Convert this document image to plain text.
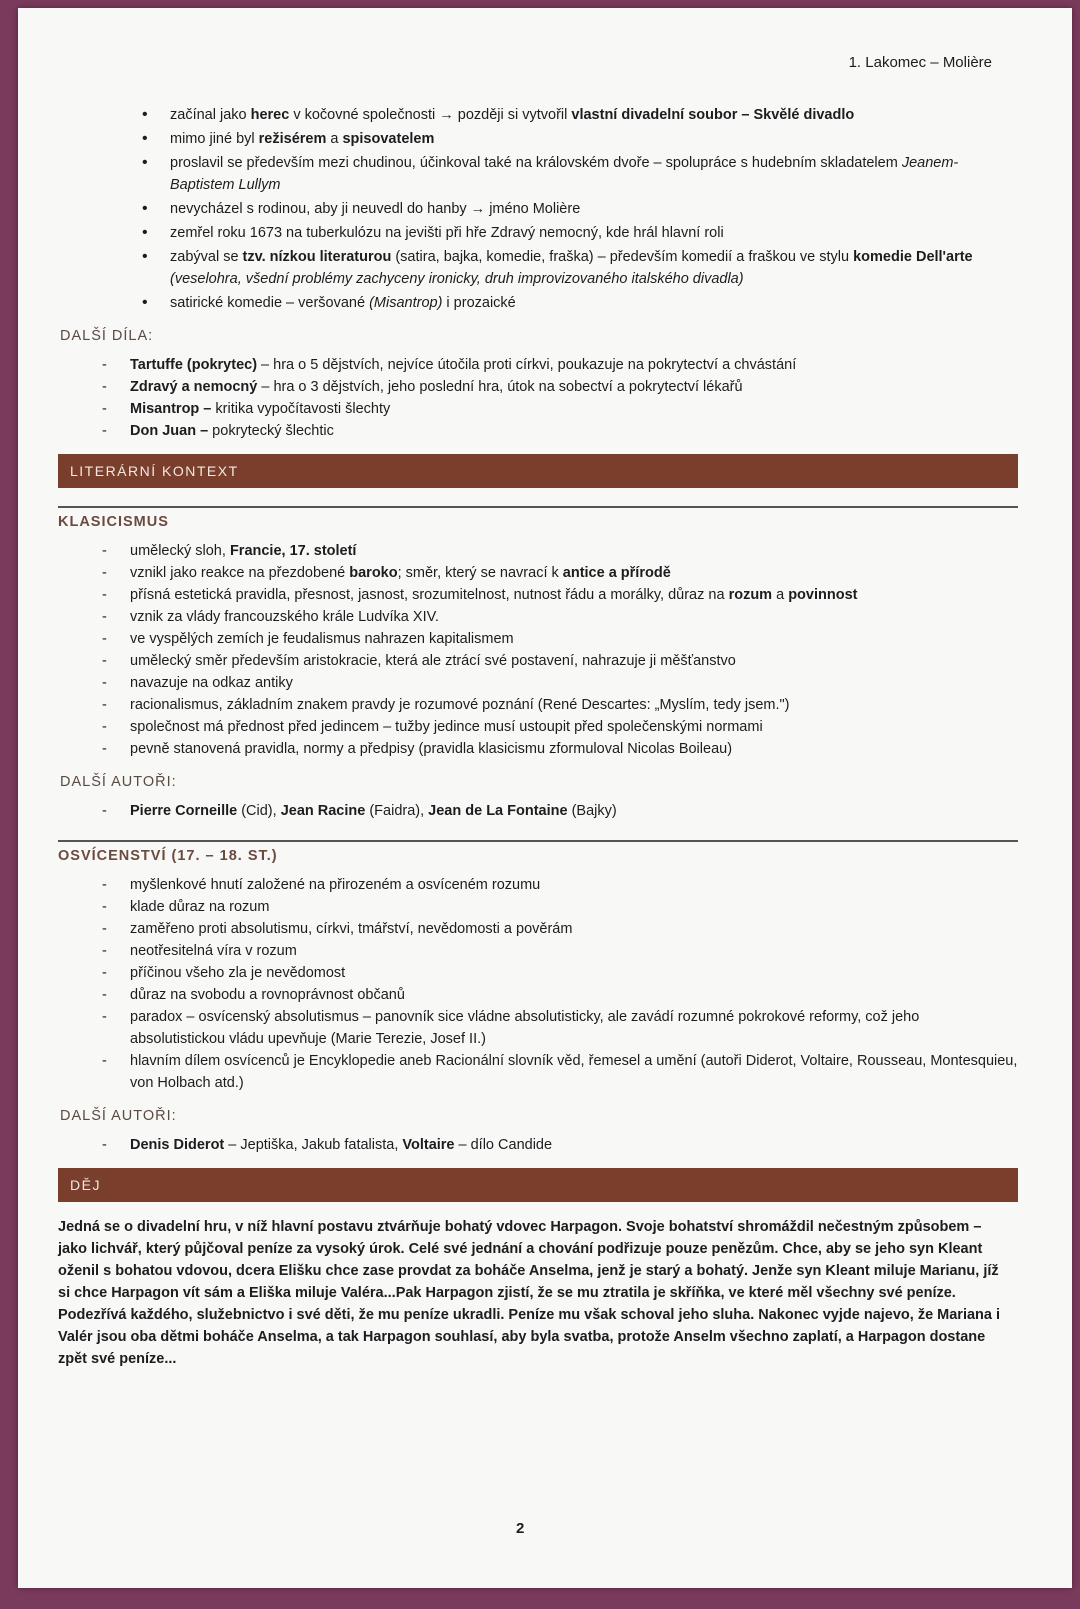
1. Lakomec – Molière
• začínal jako herec v kočovné společnosti → později si vytvořil vlastní divadelní soubor – Skvělé divadlo
• mimo jiné byl režisérem a spisovatelem
• proslavil se především mezi chudinou, účinkoval také na královském dvoře – spolupráce s hudebním skladatelem Jeanem-Baptistem Lullym
• nevycházel s rodinou, aby ji neuvedl do hanby → jméno Molière
• zemřel roku 1673 na tuberkulózu na jevišti při hře Zdravý nemocný, kde hrál hlavní roli
• zabýval se tzv. nízkou literaturou (satira, bajka, komedie, fraška) – především komedií a fraškou ve stylu komedie Dell'arte (veselohra, všední problémy zachyceny ironicky, druh improvizovaného italského divadla)
• satirické komedie – veršované (Misantrop) i prozaické
DALŠÍ DÍLA:
- Tartuffe (pokrytec) – hra o 5 dějstvích, nejvíce útočila proti církvi, poukazuje na pokrytectví a chvástání
- Zdravý a nemocný – hra o 3 dějstvích, jeho poslední hra, útok na sobectví a pokrytectví lékařů
- Misantrop – kritika vypočítavosti šlechty
- Don Juan – pokrytecký šlechtic
LITERÁRNÍ KONTEXT
KLASICISMUS
- umělecký sloh, Francie, 17. století
- vznikl jako reakce na přezdobené baroko; směr, který se navrací k antice a přírodě
- přísná estetická pravidla, přesnost, jasnost, srozumitelnost, nutnost řádu a morálky, důraz na rozum a povinnost
- vznik za vlády francouzského krále Ludvíka XIV.
- ve vyspělých zemích je feudalismus nahrazen kapitalismem
- umělecký směr především aristokracie, která ale ztrácí své postavení, nahrazuje ji měšťanstvo
- navazuje na odkaz antiky
- racionalismus, základním znakem pravdy je rozumové poznání (René Descartes: „Myslím, tedy jsem.")
- společnost má přednost před jedincem – tužby jedince musí ustoupit před společenskými normami
- pevně stanovená pravidla, normy a předpisy (pravidla klasicismu zformuloval Nicolas Boileau)
DALŠÍ AUTOŘI:
- Pierre Corneille (Cid), Jean Racine (Faidra), Jean de La Fontaine (Bajky)
OSVÍCENSTVÍ (17. – 18. ST.)
- myšlenkové hnutí založené na přirozeném a osvíceném rozumu
- klade důraz na rozum
- zaměřeno proti absolutismu, církvi, tmářství, nevědomosti a pověrám
- neotřesitelná víra v rozum
- příčinou všeho zla je nevědomost
- důraz na svobodu a rovnoprávnost občanů
- paradox – osvícenský absolutismus – panovník sice vládne absolutisticky, ale zavádí rozumné pokrokové reformy, což jeho absolutistickou vládu upevňuje (Marie Terezie, Josef II.)
- hlavním dílem osvícenců je Encyklopedie aneb Racionální slovník věd, řemesel a umění (autoři Diderot, Voltaire, Rousseau, Montesquieu, von Holbach atd.)
DALŠÍ AUTOŘI:
- Denis Diderot – Jeptiška, Jakub fatalista, Voltaire – dílo Candide
DĚJ
Jedná se o divadelní hru, v níž hlavní postavu ztvárňuje bohatý vdovec Harpagon. Svoje bohatství shromáždil nečestným způsobem – jako lichvář, který půjčoval peníze za vysoký úrok. Celé své jednání a chování podřizuje pouze penězům. Chce, aby se jeho syn Kleant oženil s bohatou vdovou, dcera Elišku chce zase provdat za boháče Anselma, jenž je starý a bohatý. Jenže syn Kleant miluje Marianu, jíž si chce Harpagon vít sám a Eliška miluje Valéra...Pak Harpagon zjistí, že se mu ztratila je skříňka, ve které měl všechny své peníze. Podezřívá každého, služebnictvo i své děti, že mu peníze ukradli. Peníze mu však schoval jeho sluha. Nakonec vyjde najevo, že Mariana i Valér jsou oba dětmi boháče Anselma, a tak Harpagon souhlasí, aby byla svatba, protože Anselm všechno zaplatí, a Harpagon dostane zpět své peníze...
2
